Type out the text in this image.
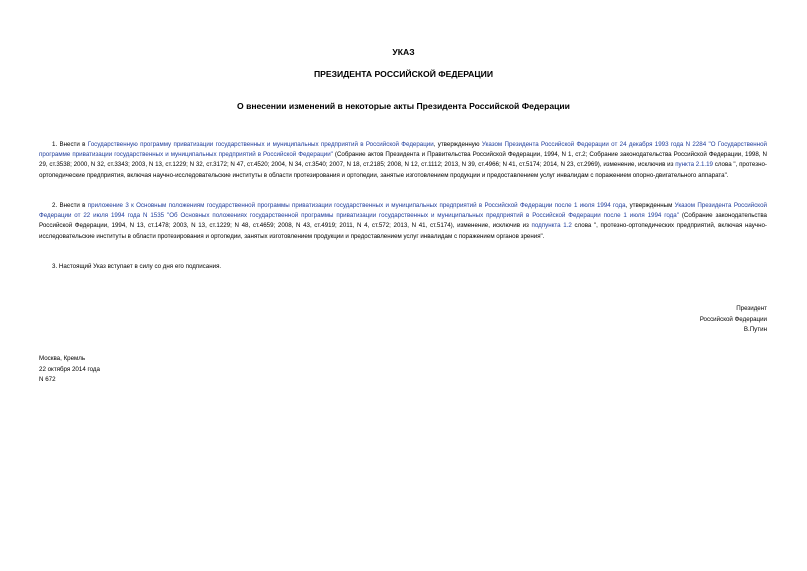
УКАЗ
ПРЕЗИДЕНТА РОССИЙСКОЙ ФЕДЕРАЦИИ
О внесении изменений в некоторые акты Президента Российской Федерации

1. Внести в Государственную программу приватизации государственных и муниципальных предприятий в Российской Федерации, утвержденную Указом Президента Российской Федерации от 24 декабря 1993 года N 2284 "О Государственной программе приватизации государственных и муниципальных предприятий в Российской Федерации" (Собрание актов Президента и Правительства Российской Федерации, 1994, N 1, ст.2; Собрание законодательства Российской Федерации, 1998, N 29, ст.3538; 2000, N 32, ст.3343; 2003, N 13, ст.1229; N 32, ст.3172; N 47, ст.4520; 2004, N 34, ст.3540; 2007, N 18, ст.2185; 2008, N 12, ст.1112; 2013, N 39, ст.4966; N 41, ст.5174; 2014, N 23, ст.2969), изменение, исключив из пункта 2.1.19 слова ", протезно-ортопедические предприятия, включая научно-исследовательские институты в области протезирования и ортопедии, занятые изготовлением продукции и предоставлением услуг инвалидам с поражением опорно-двигательного аппарата".

2. Внести в приложение 3 к Основным положениям государственной программы приватизации государственных и муниципальных предприятий в Российской Федерации после 1 июля 1994 года, утвержденным Указом Президента Российской Федерации от 22 июля 1994 года N 1535 "Об Основных положениях государственной программы приватизации государственных и муниципальных предприятий в Российской Федерации после 1 июля 1994 года" (Собрание законодательства Российской Федерации, 1994, N 13, ст.1478; 2003, N 13, ст.1229; N 48, ст.4659; 2008, N 43, ст.4919; 2011, N 4, ст.572; 2013, N 41, ст.5174), изменение, исключив из подпункта 1.2 слова ", протезно-ортопедических предприятий, включая научно-исследовательские институты в области протезирования и ортопедии, занятых изготовлением продукции и предоставлением услуг инвалидам с поражением органов зрения".

3. Настоящий Указ вступает в силу со дня его подписания.

Президент
Российской Федерации
В.Путин
Москва, Кремль
22 октября 2014 года
N 672
